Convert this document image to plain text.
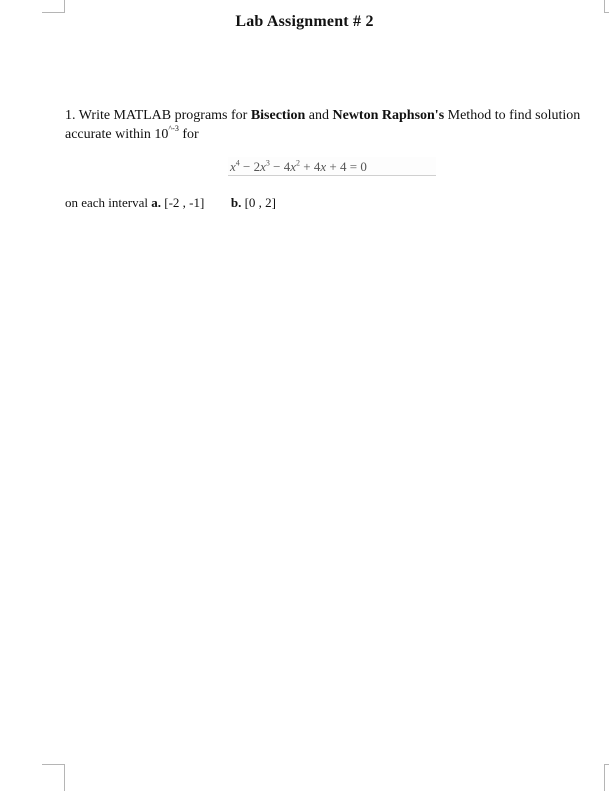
Lab Assignment # 2
1. Write MATLAB programs for Bisection and Newton Raphson's Method to find solution accurate within $10^{\^{}-3}$ for
$x^4 - 2x^3 - 4x^2 + 4x + 4 = 0$
on each interval a. [-2 , -1] b. [0 , 2]
